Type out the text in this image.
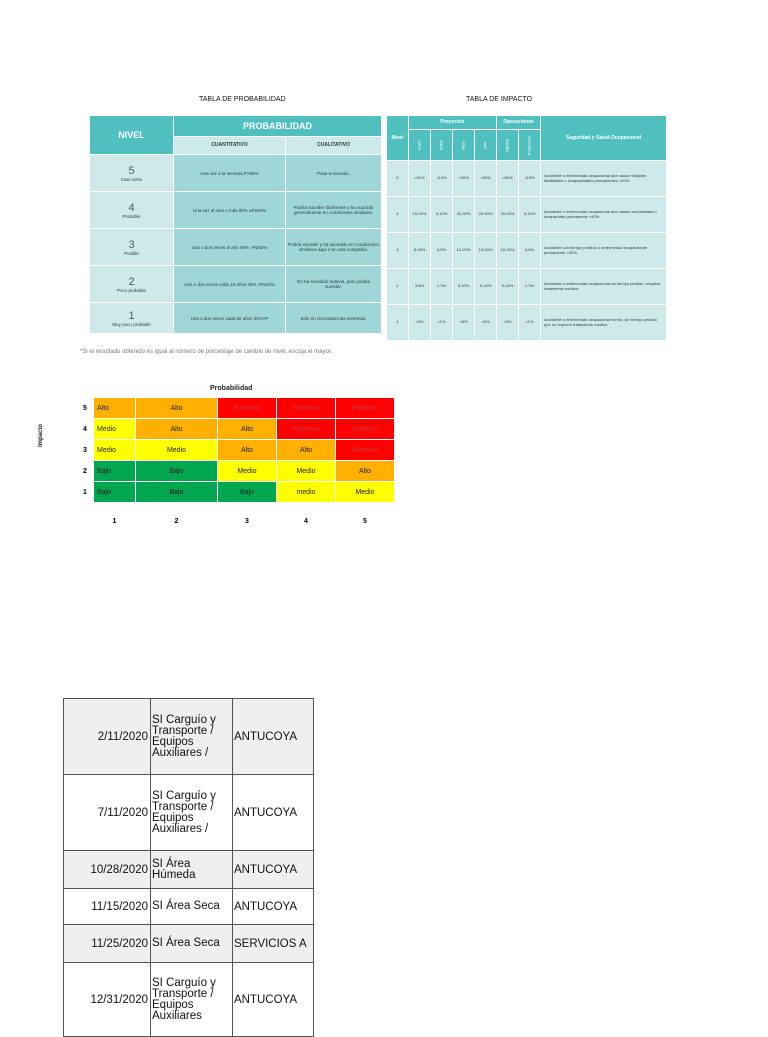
TABLA DE PROBABILIDAD	TABLA DE IMPACTO
NIVEL	PROBABILIDAD	
	CUANTITATIVO	CUALITATIVO

5
Casi cierto	Una vez a la semana P>80%	Pasa a menudo.

4
Probable	Una vez al mes o más 80% ≥P≥60%	Podría suceder fácilmente y ha ocurrido generalmente en condiciones similares.

3
Posible	Una o dos veces al año 60% >P≥40%	Podría suceder y ha sucedido en condiciones similares aquí o en otra compañía.

2
Poco probable	Una o dos veces cada 10 años 40% >P≥20%	No ha sucedido todavía, pero podría suceder.

1
Muy poco probable	Una o dos veces cada 50 años 20%>P	Sólo en circunstancias extremas.
Nivel	Proyectos				Operaciones		Seguridad y Salud Ocupacional
	Costo	CPED	Plazo	NPV	EBITDA	Producción	
5	>20%	>10%	>30%	>50%	>50%	>15%	Accidente o enfermedad ocupacional que causa múltiples fatalidades o incapacidades permanentes >40%.
4	15-20%	5-10%	20-30%	20-50%	20-50%	5-15%	Accidente o enfermedad ocupacional que causa una fatalidad o incapacidad permanente >40%.
3	8-15%	3-5%	10-20%	10-20%	10-20%	3-6%	Accidente con tiempo perdido o enfermedad incapacitante permanente >40%.
2	3-8%	1-3%	5-10%	5-10%	5-10%	1-3%	Accidente o enfermedad ocupacional sin tiempo perdido, requiere tratamiento médico.
1	<3%	<1%	<5%	<5%	<5%	<1%	Accidente o enfermedad ocupacional menor, sin tiempo perdido que no requiere tratamiento médico.
*Si el resultado obtenido es igual al número de porcentaje de cambio de nivel, escoja el mayor.
Probabilidad
Impacto
5	Alto	Alto	Extremo	Extremo	Extremo
4	Medio	Alto	Alto	Extremo	Extremo
3	Medio	Medio	Alto	Alto	Extremo
2	Bajo	Bajo	Medio	Medio	Alto
1	Bajo	Bajo	Bajo	medio	Medio
	1	2	3	4	5
2/11/2020	SI Carguío y Transporte / Equipos Auxiliares /	ANTUCOYA
7/11/2020	SI Carguío y Transporte / Equipos Auxiliares /	ANTUCOYA
10/28/2020	SI Área Húmeda	ANTUCOYA
11/15/2020	SI Área Seca	ANTUCOYA
11/25/2020	SI Área Seca	SERVICIOS A
12/31/2020	SI Carguío y Transporte / Equipos Auxiliares	ANTUCOYA
